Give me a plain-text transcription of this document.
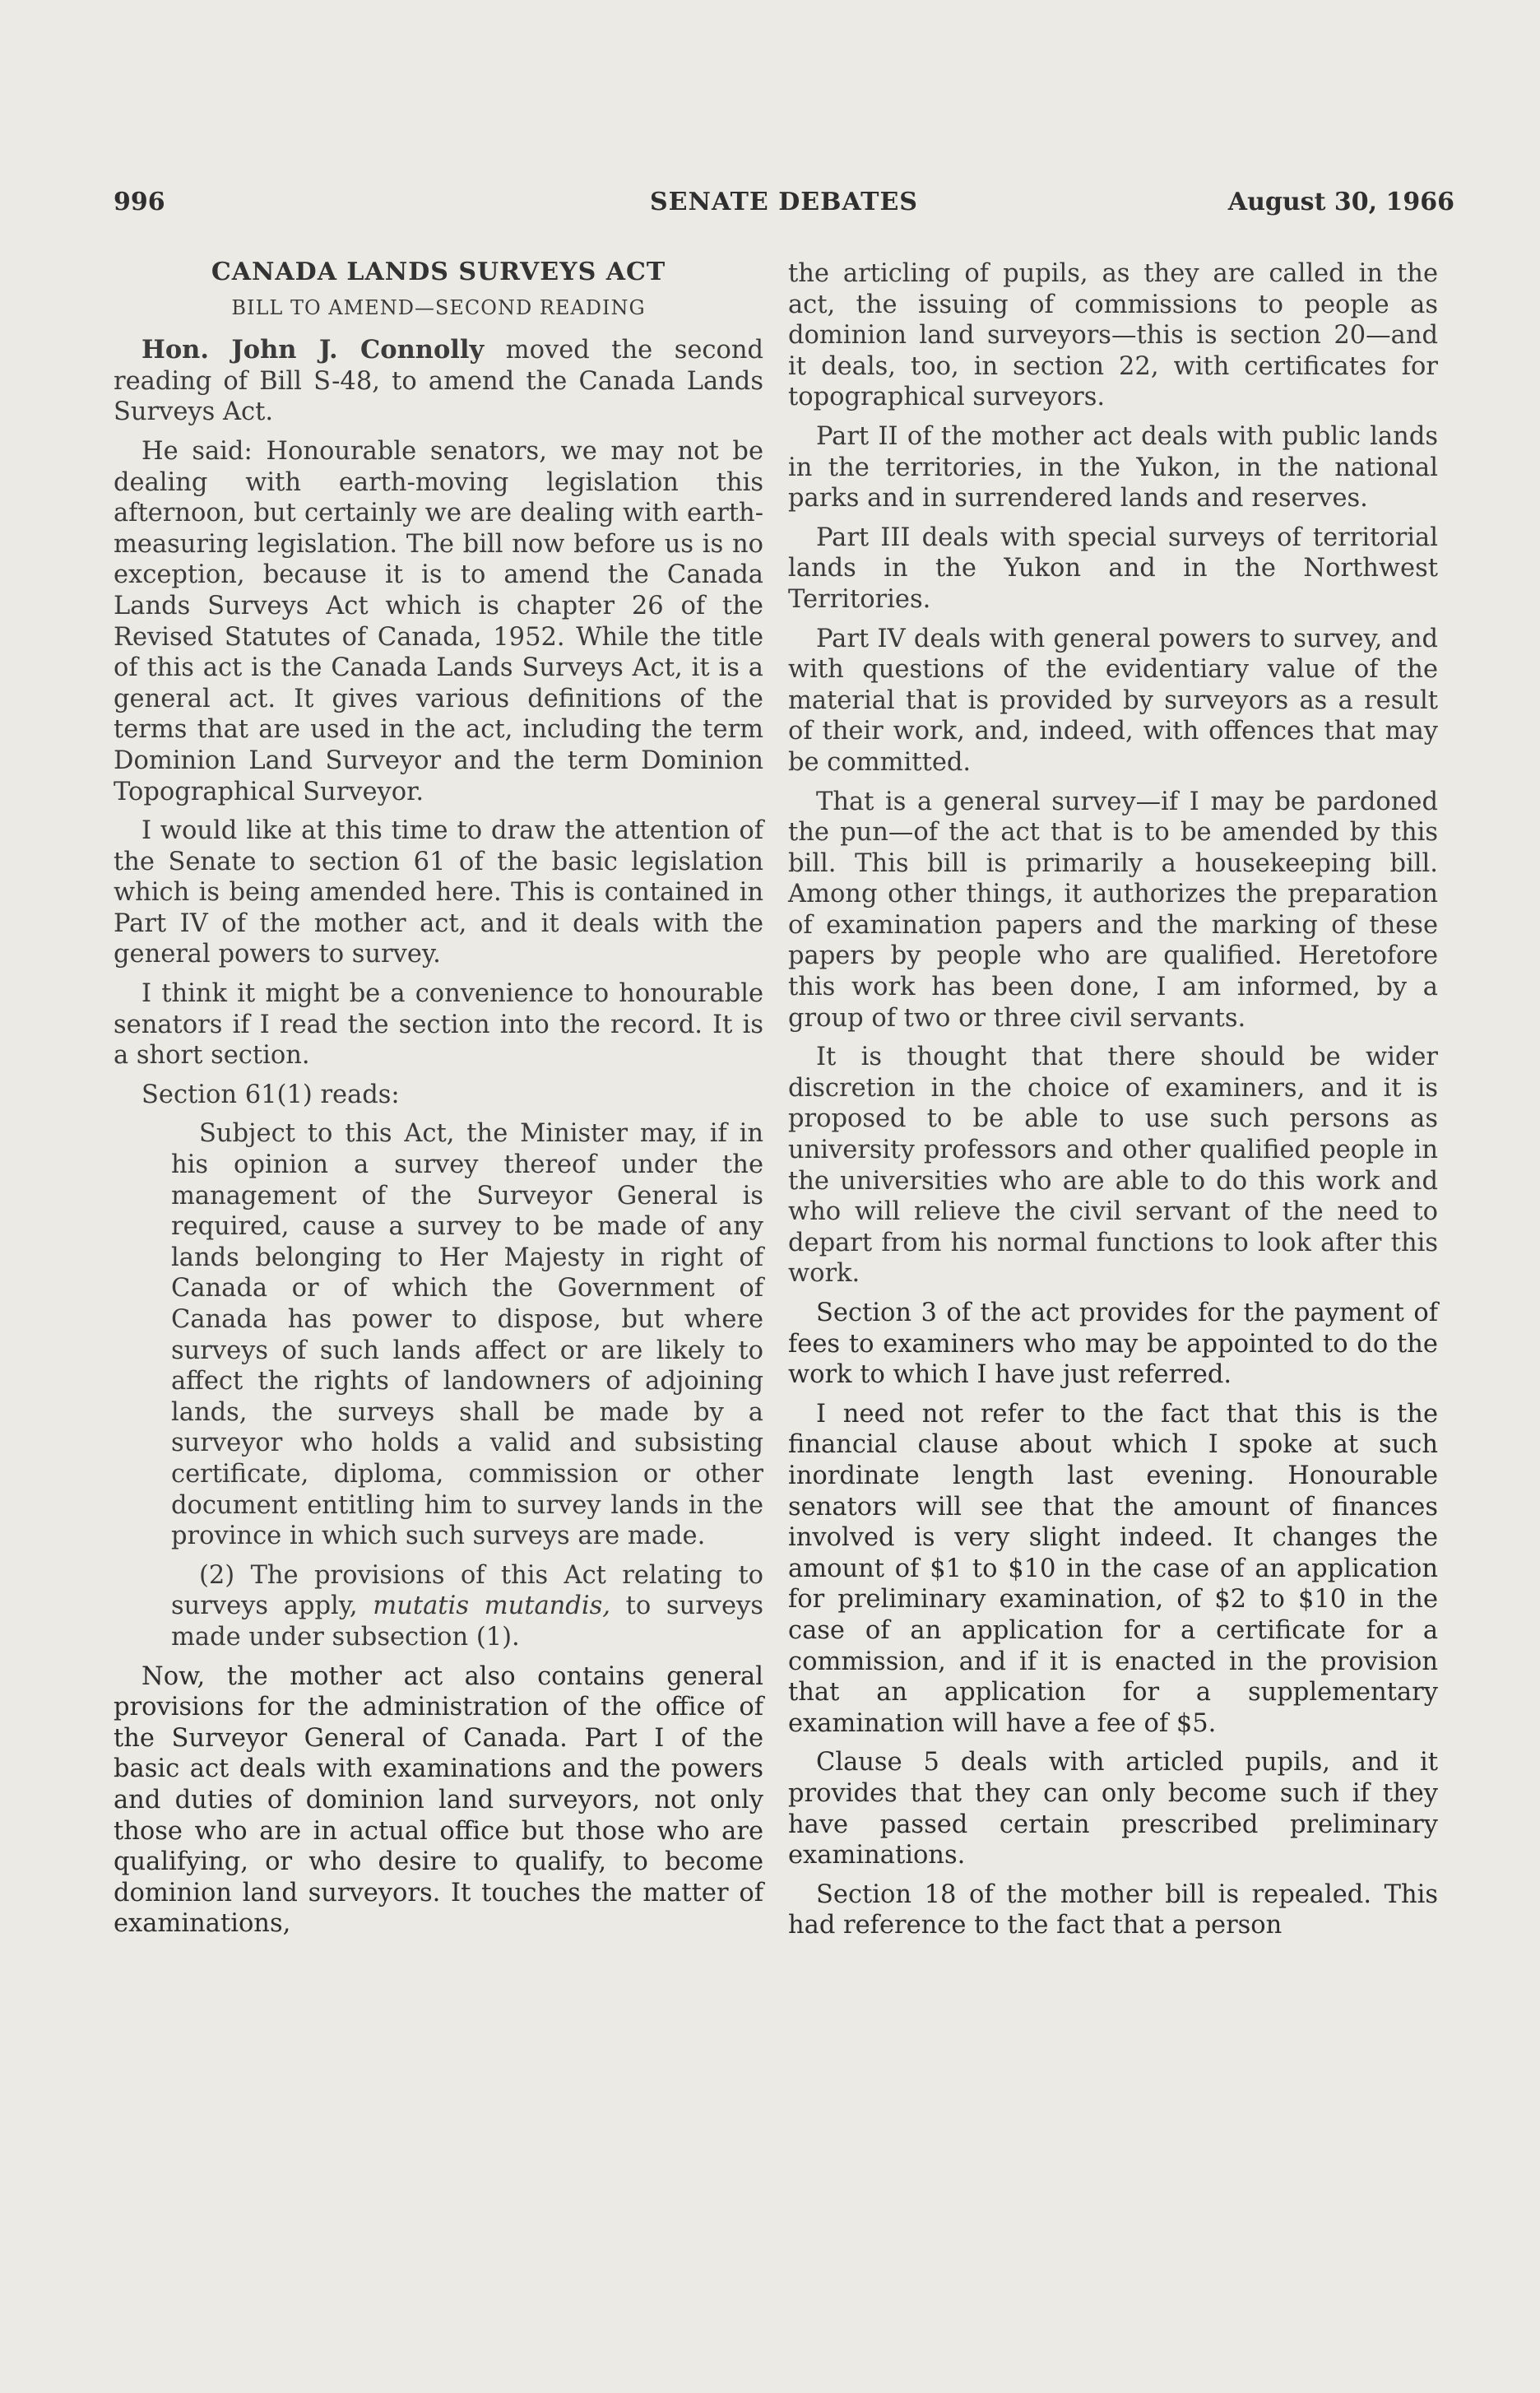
996	SENATE DEBATES	August 30, 1966
CANADA LANDS SURVEYS ACT
BILL TO AMEND—SECOND READING

Hon. John J. Connolly moved the second reading of Bill S-48, to amend the Canada Lands Surveys Act.

He said: Honourable senators, we may not be dealing with earth-moving legislation this afternoon, but certainly we are dealing with earth-measuring legislation. The bill now before us is no exception, because it is to amend the Canada Lands Surveys Act which is chapter 26 of the Revised Statutes of Canada, 1952. While the title of this act is the Canada Lands Surveys Act, it is a general act. It gives various definitions of the terms that are used in the act, including the term Dominion Land Surveyor and the term Dominion Topographical Surveyor.

I would like at this time to draw the attention of the Senate to section 61 of the basic legislation which is being amended here. This is contained in Part IV of the mother act, and it deals with the general powers to survey.

I think it might be a convenience to honourable senators if I read the section into the record. It is a short section.

Section 61(1) reads:

Subject to this Act, the Minister may, if in his opinion a survey thereof under the management of the Surveyor General is required, cause a survey to be made of any lands belonging to Her Majesty in right of Canada or of which the Government of Canada has power to dispose, but where surveys of such lands affect or are likely to affect the rights of landowners of adjoining lands, the surveys shall be made by a surveyor who holds a valid and subsisting certificate, diploma, commission or other document entitling him to survey lands in the province in which such surveys are made.

(2) The provisions of this Act relating to surveys apply, mutatis mutandis, to surveys made under subsection (1).

Now, the mother act also contains general provisions for the administration of the office of the Surveyor General of Canada. Part I of the basic act deals with examinations and the powers and duties of dominion land surveyors, not only those who are in actual office but those who are qualifying, or who desire to qualify, to become dominion land surveyors. It touches the matter of examinations,

the articling of pupils, as they are called in the act, the issuing of commissions to people as dominion land surveyors—this is section 20—and it deals, too, in section 22, with certificates for topographical surveyors.

Part II of the mother act deals with public lands in the territories, in the Yukon, in the national parks and in surrendered lands and reserves.

Part III deals with special surveys of territorial lands in the Yukon and in the Northwest Territories.

Part IV deals with general powers to survey, and with questions of the evidentiary value of the material that is provided by surveyors as a result of their work, and, indeed, with offences that may be committed.

That is a general survey—if I may be pardoned the pun—of the act that is to be amended by this bill. This bill is primarily a housekeeping bill. Among other things, it authorizes the preparation of examination papers and the marking of these papers by people who are qualified. Heretofore this work has been done, I am informed, by a group of two or three civil servants.

It is thought that there should be wider discretion in the choice of examiners, and it is proposed to be able to use such persons as university professors and other qualified people in the universities who are able to do this work and who will relieve the civil servant of the need to depart from his normal functions to look after this work.

Section 3 of the act provides for the payment of fees to examiners who may be appointed to do the work to which I have just referred.

I need not refer to the fact that this is the financial clause about which I spoke at such inordinate length last evening. Honourable senators will see that the amount of finances involved is very slight indeed. It changes the amount of $1 to $10 in the case of an application for preliminary examination, of $2 to $10 in the case of an application for a certificate for a commission, and if it is enacted in the provision that an application for a supplementary examination will have a fee of $5.

Clause 5 deals with articled pupils, and it provides that they can only become such if they have passed certain prescribed preliminary examinations.

Section 18 of the mother bill is repealed. This had reference to the fact that a person
